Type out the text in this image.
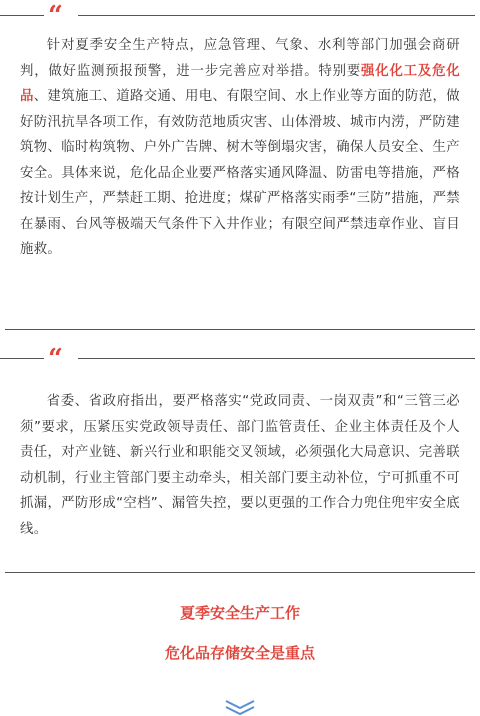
“

针对夏季安全生产特点，应急管理、气象、水利等部门加强会商研判，做好监测预报预警，进一步完善应对举措。特别要强化化工及危化品、建筑施工、道路交通、用电、有限空间、水上作业等方面的防范，做好防汛抗旱各项工作，有效防范地质灾害、山体滑坡、城市内涝，严防建筑物、临时构筑物、户外广告牌、树木等倒塌灾害，确保人员安全、生产安全。具体来说，危化品企业要严格落实通风降温、防雷电等措施，严格按计划生产，严禁赶工期、抢进度；煤矿严格落实雨季“三防”措施，严禁在暴雨、台风等极端天气条件下入井作业；有限空间严禁违章作业、盲目施救。

“

省委、省政府指出，要严格落实“党政同责、一岗双责”和“三管三必须”要求，压紧压实党政领导责任、部门监管责任、企业主体责任及个人责任，对产业链、新兴行业和职能交叉领域，必须强化大局意识、完善联动机制，行业主管部门要主动牵头，相关部门要主动补位，宁可抓重不可抓漏，严防形成“空档”、漏管失控，要以更强的工作合力兜住兜牢安全底线。

夏季安全生产工作
危化品存储安全是重点
